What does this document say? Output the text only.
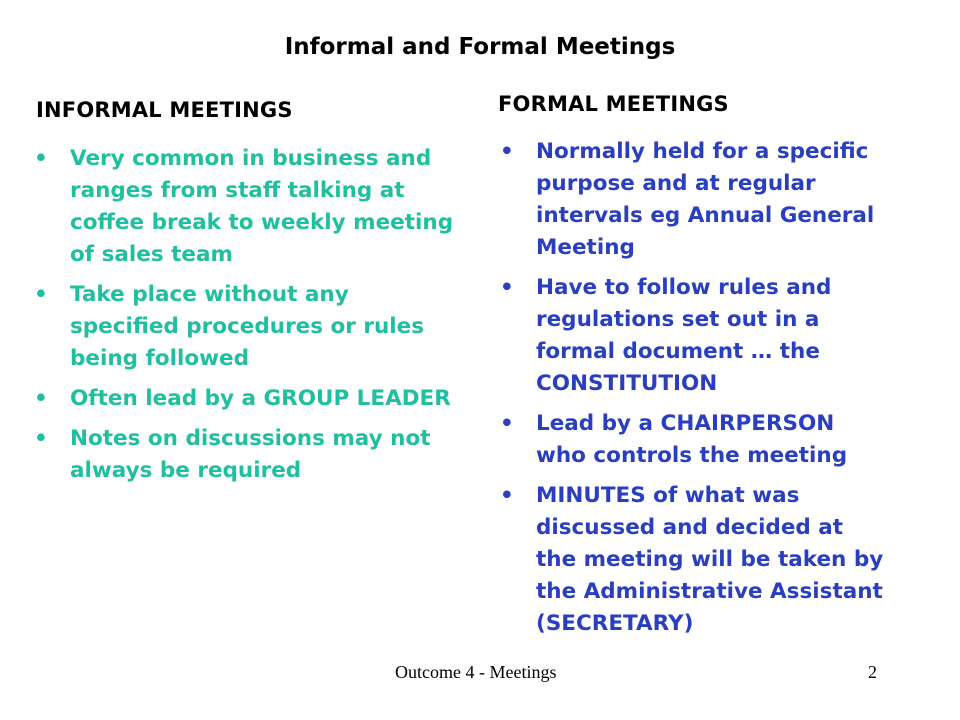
Informal and Formal Meetings
INFORMAL MEETINGS	FORMAL MEETINGS
• Very common in business and ranges from staff talking at coffee break to weekly meeting of sales team
• Take place without any specified procedures or rules being followed
• Often lead by a GROUP LEADER
• Notes on discussions may not always be required
• Normally held for a specific purpose and at regular intervals eg Annual General Meeting
• Have to follow rules and regulations set out in a formal document … the CONSTITUTION
• Lead by a CHAIRPERSON who controls the meeting
• MINUTES of what was discussed and decided at the meeting will be taken by the Administrative Assistant (SECRETARY)
Outcome 4 - Meetings	2
